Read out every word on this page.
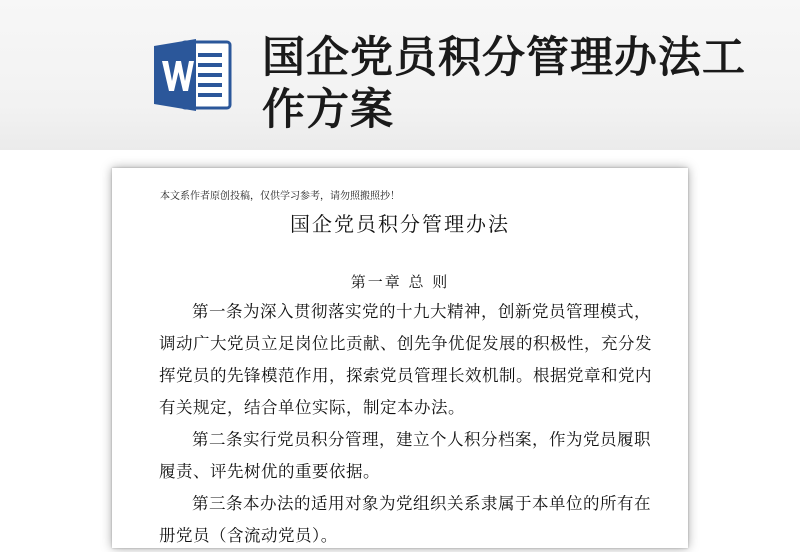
国企党员积分管理办法工作方案
本文系作者原创投稿，仅供学习参考，请勿照搬照抄！
国企党员积分管理办法
第一章 总 则

第一条为深入贯彻落实党的十九大精神，创新党员管理模式，调动广大党员立足岗位比贡献、创先争优促发展的积极性，充分发挥党员的先锋模范作用，探索党员管理长效机制。根据党章和党内有关规定，结合单位实际，制定本办法。

第二条实行党员积分管理，建立个人积分档案，作为党员履职履责、评先树优的重要依据。

第三条本办法的适用对象为党组织关系隶属于本单位的所有在册党员（含流动党员）。
